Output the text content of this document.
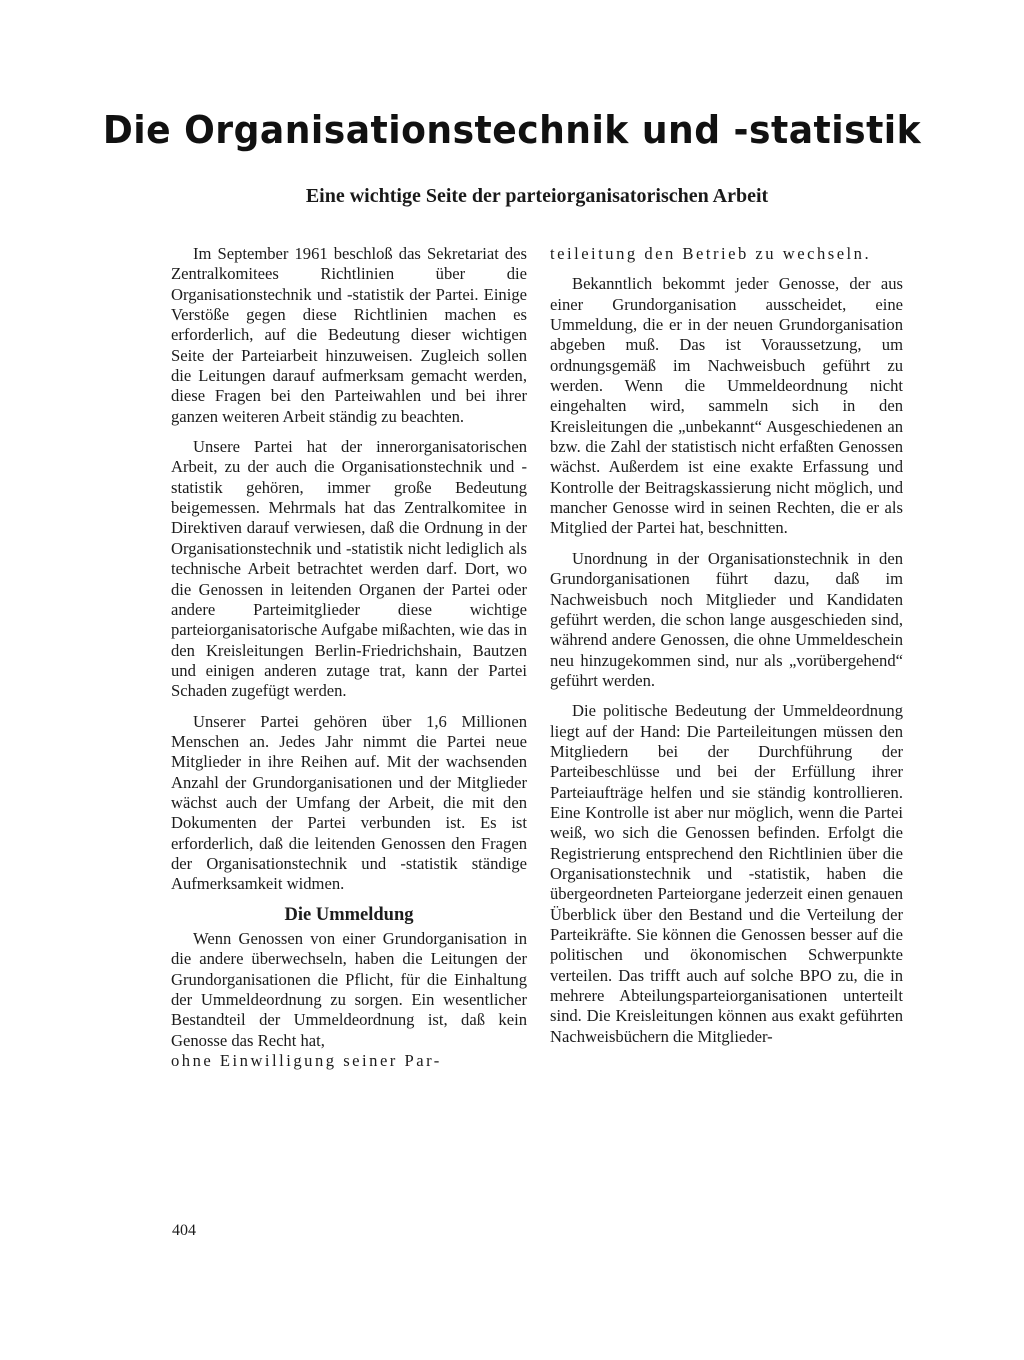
Die Organisationstechnik und -statistik
Eine wichtige Seite der parteiorganisatorischen Arbeit

Im September 1961 beschloß das Sekretariat des Zentralkomitees Richtlinien über die Organisationstechnik und -statistik der Partei. Einige Verstöße gegen diese Richtlinien machen es erforderlich, auf die Bedeutung dieser wichtigen Seite der Parteiarbeit hinzuweisen. Zugleich sollen die Leitungen darauf aufmerksam gemacht werden, diese Fragen bei den Parteiwahlen und bei ihrer ganzen weiteren Arbeit ständig zu beachten.

Unsere Partei hat der innerorganisatorischen Arbeit, zu der auch die Organisationstechnik und -statistik gehören, immer große Bedeutung beigemessen. Mehrmals hat das Zentralkomitee in Direktiven darauf verwiesen, daß die Ordnung in der Organisationstechnik und -statistik nicht lediglich als technische Arbeit betrachtet werden darf. Dort, wo die Genossen in leitenden Organen der Partei oder andere Parteimitglieder diese wichtige parteiorganisatorische Aufgabe mißachten, wie das in den Kreisleitungen Berlin-Friedrichshain, Bautzen und einigen anderen zutage trat, kann der Partei Schaden zugefügt werden.

Unserer Partei gehören über 1,6 Millionen Menschen an. Jedes Jahr nimmt die Partei neue Mitglieder in ihre Reihen auf. Mit der wachsenden Anzahl der Grundorganisationen und der Mitglieder wächst auch der Umfang der Arbeit, die mit den Dokumenten der Partei verbunden ist. Es ist erforderlich, daß die leitenden Genossen den Fragen der Organisationstechnik und -statistik ständige Aufmerksamkeit widmen.

Die Ummeldung

Wenn Genossen von einer Grundorganisation in die andere überwechseln, haben die Leitungen der Grundorganisationen die Pflicht, für die Einhaltung der Ummeldeordnung zu sorgen. Ein wesentlicher Bestandteil der Ummeldeordnung ist, daß kein Genosse das Recht hat,

ohne Einwilligung seiner Par-

teileitung den Betrieb zu wechseln.

Bekanntlich bekommt jeder Genosse, der aus einer Grundorganisation ausscheidet, eine Ummeldung, die er in der neuen Grundorganisation abgeben muß. Das ist Voraussetzung, um ordnungsgemäß im Nachweisbuch geführt zu werden. Wenn die Ummeldeordnung nicht eingehalten wird, sammeln sich in den Kreisleitungen die „unbekannt“ Ausgeschiedenen an bzw. die Zahl der statistisch nicht erfaßten Genossen wächst. Außerdem ist eine exakte Erfassung und Kontrolle der Beitragskassierung nicht möglich, und mancher Genosse wird in seinen Rechten, die er als Mitglied der Partei hat, beschnitten.

Unordnung in der Organisationstechnik in den Grundorganisationen führt dazu, daß im Nachweisbuch noch Mitglieder und Kandidaten geführt werden, die schon lange ausgeschieden sind, während andere Genossen, die ohne Ummeldeschein neu hinzugekommen sind, nur als „vorübergehend“ geführt werden.

Die politische Bedeutung der Ummeldeordnung liegt auf der Hand: Die Parteileitungen müssen den Mitgliedern bei der Durchführung der Parteibeschlüsse und bei der Erfüllung ihrer Parteiaufträge helfen und sie ständig kontrollieren. Eine Kontrolle ist aber nur möglich, wenn die Partei weiß, wo sich die Genossen befinden. Erfolgt die Registrierung entsprechend den Richtlinien über die Organisationstechnik und -statistik, haben die übergeordneten Parteiorgane jederzeit einen genauen Überblick über den Bestand und die Verteilung der Parteikräfte. Sie können die Genossen besser auf die politischen und ökonomischen Schwerpunkte verteilen. Das trifft auch auf solche BPO zu, die in mehrere Abteilungsparteiorganisationen unterteilt sind. Die Kreisleitungen können aus exakt geführten Nachweisbüchern die Mitglieder-

404
